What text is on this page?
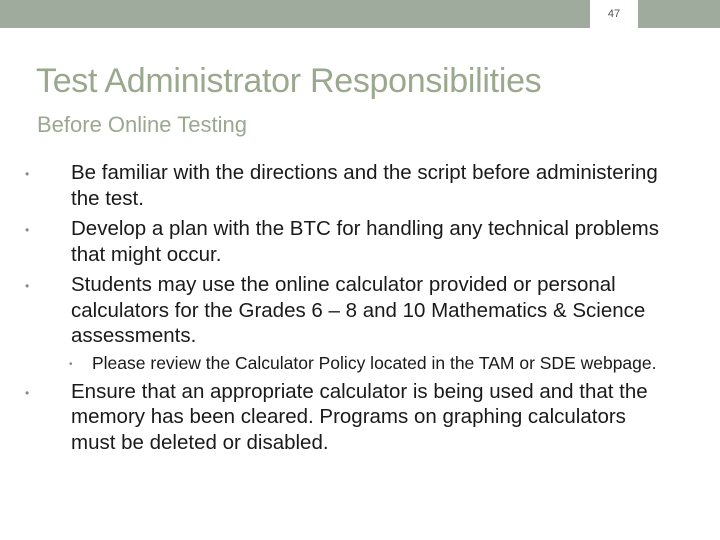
47
Test Administrator Responsibilities
Before Online Testing
• Be familiar with the directions and the script before administering the test.
• Develop a plan with the BTC for handling any technical problems that might occur.
• Students may use the online calculator provided or personal calculators for the Grades 6 – 8 and 10 Mathematics & Science assessments.
• Please review the Calculator Policy located in the TAM or SDE webpage.
• Ensure that an appropriate calculator is being used and that the memory has been cleared. Programs on graphing calculators must be deleted or disabled.
